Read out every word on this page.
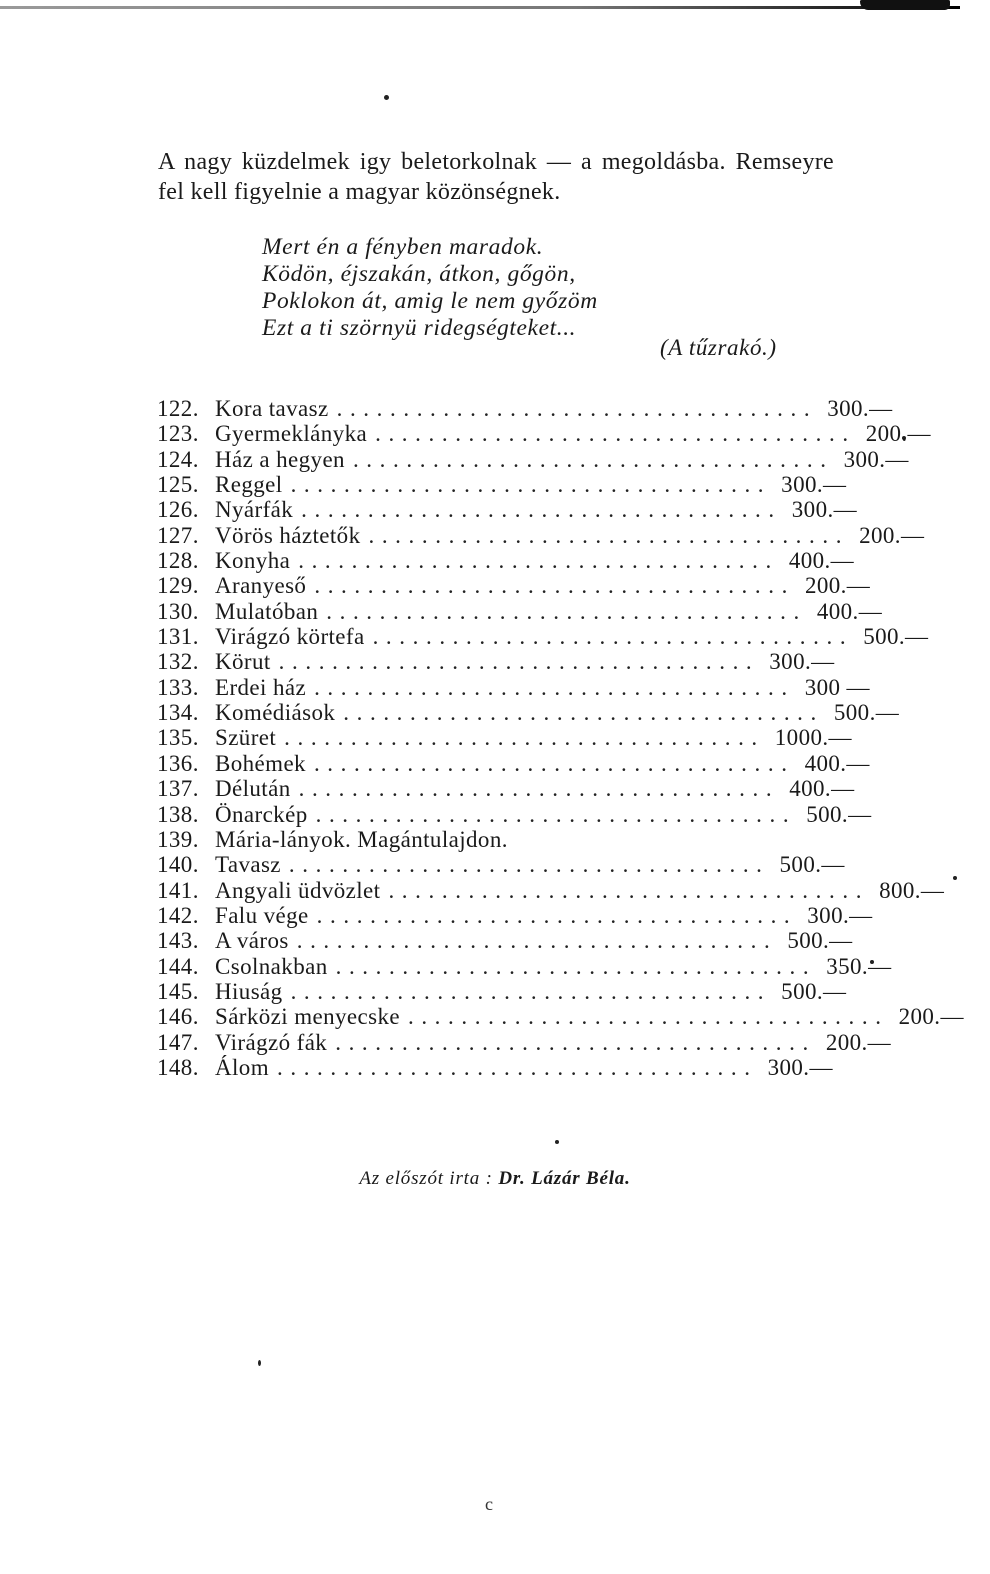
A nagy küzdelmek igy beletorkolnak — a megoldásba. Remseyre fel kell figyelnie a magyar közönségnek.

Mert én a fényben maradok.
Ködön, éjszakán, átkon, gőgön,
Poklokon át, amig le nem győzöm
Ezt a ti szörnyü ridegségteket...
(A tűzrakó.)
122. Kora tavasz .................................... 300.—
123. Gyermeklányka .................................... 200.—
124. Ház a hegyen .................................... 300.—
125. Reggel .................................... 300.—
126. Nyárfák .................................... 300.—
127. Vörös háztetők .................................... 200.—
128. Konyha .................................... 400.—
129. Aranyeső .................................... 200.—
130. Mulatóban .................................... 400.—
131. Virágzó körtefa .................................... 500.—
132. Körut .................................... 300.—
133. Erdei ház .................................... 300 —
134. Komédiások .................................... 500.—
135. Szüret .................................... 1000.—
136. Bohémek .................................... 400.—
137. Délután .................................... 400.—
138. Önarckép .................................... 500.—
139. Mária-lányok. Magántulajdon.
140. Tavasz .................................... 500.—
141. Angyali üdvözlet .................................... 800.—
142. Falu vége .................................... 300.—
143. A város .................................... 500.—
144. Csolnakban .................................... 350.—
145. Hiuság .................................... 500.—
146. Sárközi menyecske .................................... 200.—
147. Virágzó fák .................................... 200.—
148. Álom .................................... 300.—
Az előszót irta : Dr. Lázár Béla.
c
